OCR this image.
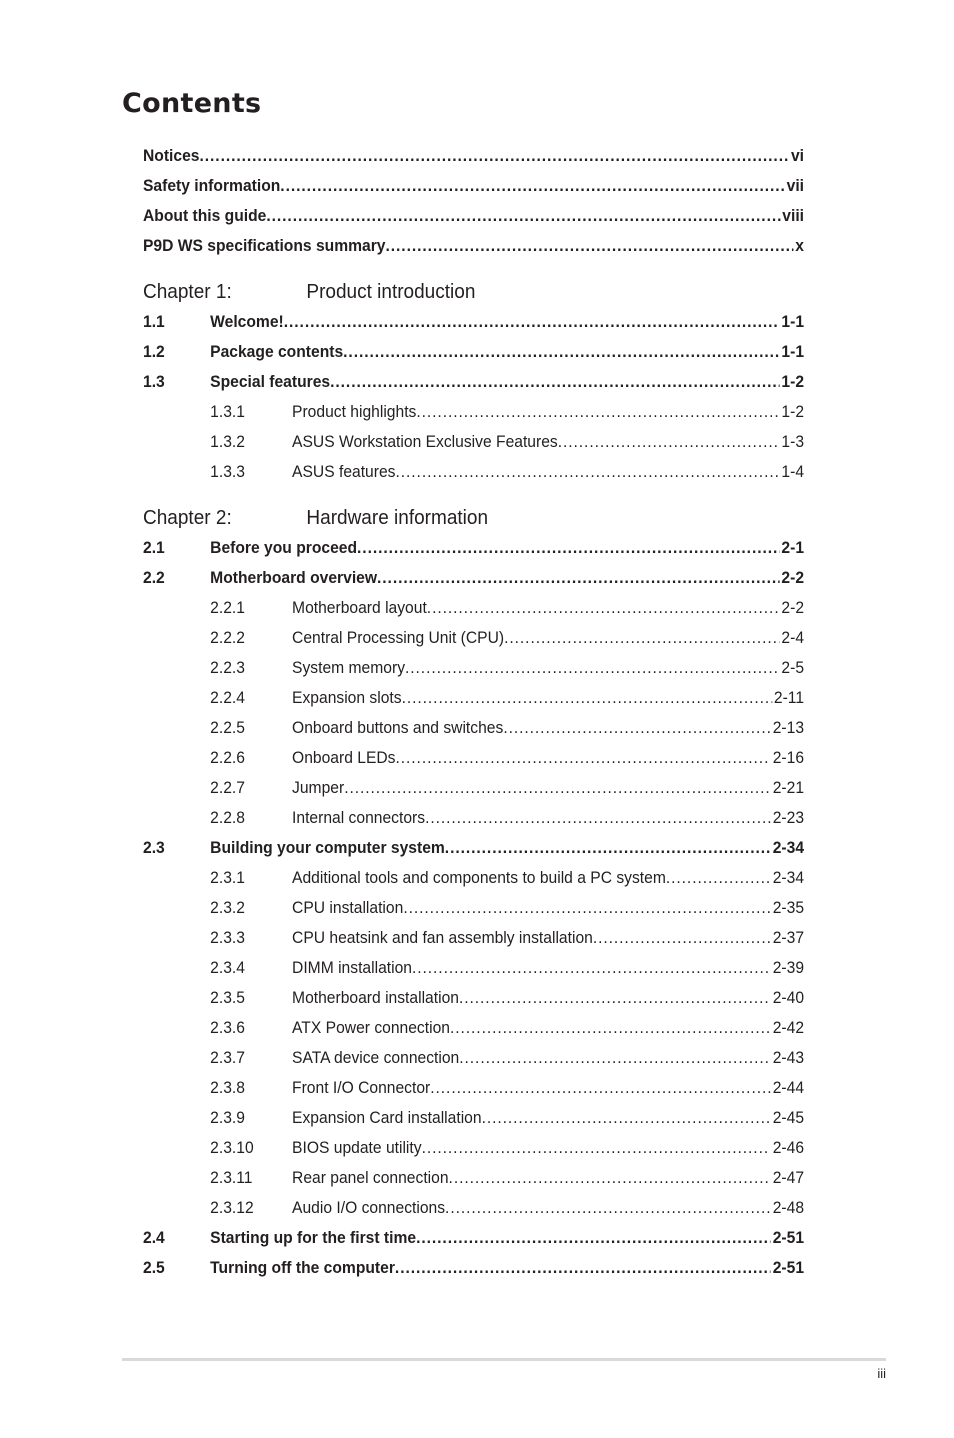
Contents
Notices .....	vi
Safety information .....	vii
About this guide .....	viii
P9D WS specifications summary .....	x
Chapter 1:	Product introduction
1.1	Welcome! .....	1-1
1.2	Package contents .....	1-1
1.3	Special features .....	1-2
1.3.1	Product highlights .....	1-2
1.3.2	ASUS Workstation Exclusive Features .....	1-3
1.3.3	ASUS features .....	1-4
Chapter 2:	Hardware information
2.1	Before you proceed .....	2-1
2.2	Motherboard overview .....	2-2
2.2.1	Motherboard layout .....	2-2
2.2.2	Central Processing Unit (CPU) .....	2-4
2.2.3	System memory .....	2-5
2.2.4	Expansion slots .....	2-11
2.2.5	Onboard buttons and switches .....	2-13
2.2.6	Onboard LEDs .....	2-16
2.2.7	Jumper .....	2-21
2.2.8	Internal connectors .....	2-23
2.3	Building your computer system .....	2-34
2.3.1	Additional tools and components to build a PC system .....	2-34
2.3.2	CPU installation .....	2-35
2.3.3	CPU heatsink and fan assembly installation .....	2-37
2.3.4	DIMM installation .....	2-39
2.3.5	Motherboard installation .....	2-40
2.3.6	ATX Power connection .....	2-42
2.3.7	SATA device connection .....	2-43
2.3.8	Front I/O Connector .....	2-44
2.3.9	Expansion Card installation .....	2-45
2.3.10	BIOS update utility .....	2-46
2.3.11	Rear panel connection .....	2-47
2.3.12	Audio I/O connections .....	2-48
2.4	Starting up for the first time .....	2-51
2.5	Turning off the computer .....	2-51
iii
